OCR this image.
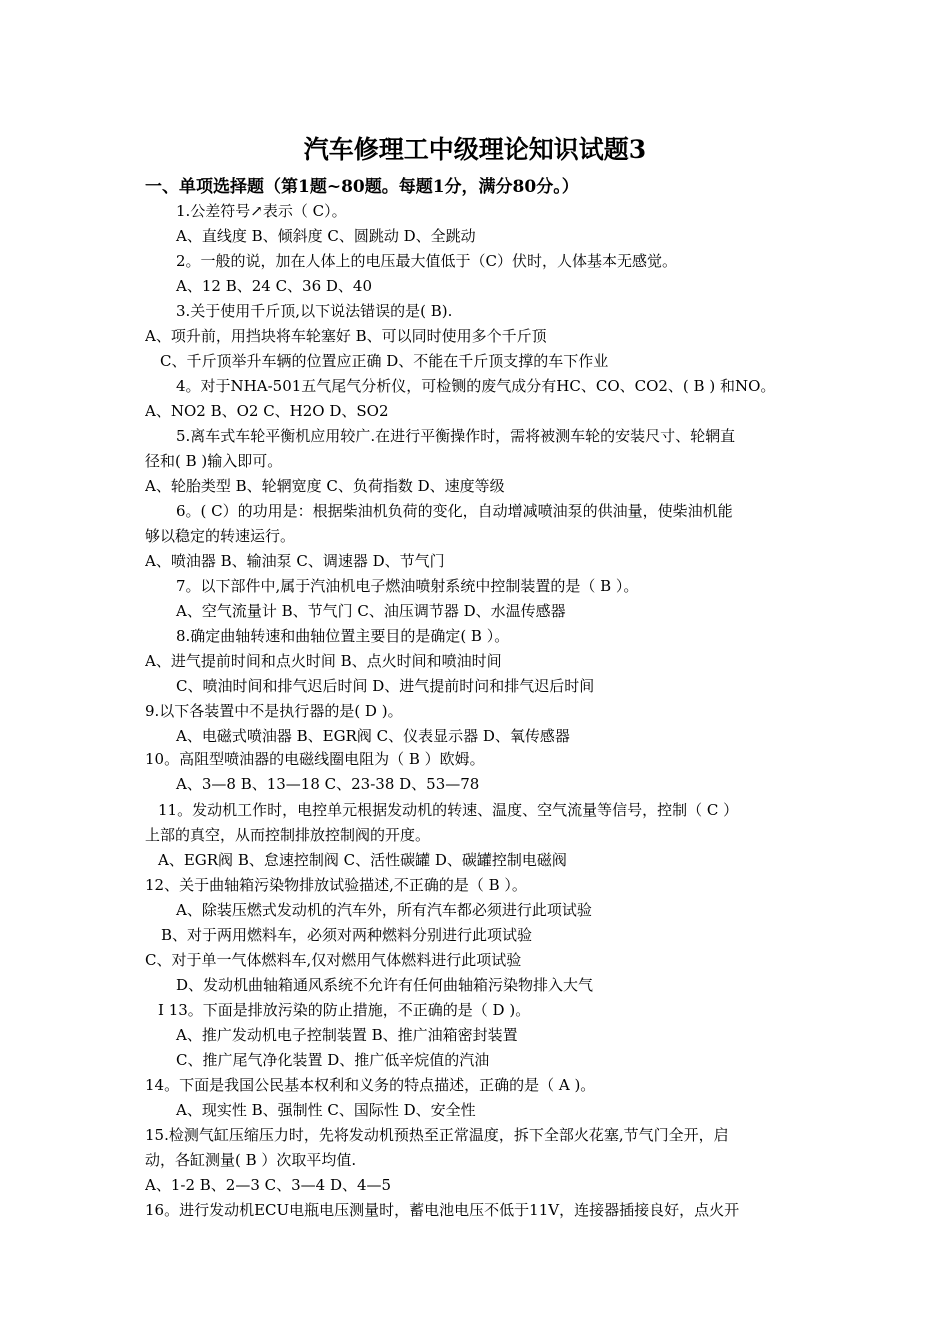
汽车修理工中级理论知识试题3
一、单项选择题（第1题~80题。每题1分，满分80分。）
1.公差符号↗表示（ C）。
A、直线度 B、倾斜度 C、圆跳动 D、全跳动
2。一般的说，加在人体上的电压最大值低于（C）伏时，人体基本无感觉。
A、12 B、24 C、36 D、40
3.关于使用千斤顶,以下说法错误的是( B).
A、项升前，用挡块将车轮塞好 B、可以同时使用多个千斤顶
C、千斤顶举升车辆的位置应正确 D、不能在千斤顶支撑的车下作业
4。对于NHA-501五气尾气分析仪，可检铡的废气成分有HC、CO、CO2、( B ) 和NO。
A、NO2 B、O2 C、H2O D、SO2
5.离车式车轮平衡机应用较广.在进行平衡操作时，需将被测车轮的安装尺寸、轮辋直
径和( B )输入即可。
A、轮胎类型 B、轮辋宽度 C、负荷指数 D、速度等级
6。( C）的功用是：根据柴油机负荷的变化，自动增减喷油泵的供油量，使柴油机能
够以稳定的转速运行。
A、喷油器 B、输油泵 C、调速器 D、节气门
7。以下部件中,属于汽油机电子燃油喷射系统中控制装置的是（ B ）。
A、空气流量计 B、节气门 C、油压调节器 D、水温传感器
8.确定曲轴转速和曲轴位置主要目的是确定( B ）。
A、进气提前时间和点火时间 B、点火时间和喷油时间
C、喷油时间和排气迟后时间 D、进气提前时问和排气迟后时间
9.以下各装置中不是执行器的是( D )。
A、电磁式喷油器 B、EGR阀 C、仪表显示器 D、氧传感器
10。高阻型喷油器的电磁线圈电阻为（ B ）欧姆。
A、3—8 B、13—18 C、23-38 D、53—78
11。发动机工作时，电控单元根据发动机的转速、温度、空气流量等信号，控制（ C ）
上部的真空，从而控制排放控制阀的开度。
A、EGR阀 B、怠速控制阀 C、活性碳罐 D、碳罐控制电磁阀
12、关于曲轴箱污染物排放试验描述,不正确的是（ B ）。
A、除装压燃式发动机的汽车外，所有汽车都必须进行此项试验
B、对于两用燃料车，必须对两种燃料分别进行此项试验
C、对于单一气体燃料车,仅对燃用气体燃料进行此项试验
D、发动机曲轴箱通风系统不允许有任何曲轴箱污染物排入大气
I 13。下面是排放污染的防止措施，不正确的是（ D )。
A、推广发动机电子控制装置 B、推广油箱密封装置
C、推广尾气净化装置 D、推广低辛烷值的汽油
14。下面是我国公民基本权利和义务的特点描述，正确的是（ A )。
A、现实性 B、强制性 C、国际性 D、安全性
15.检测气缸压缩压力时，先将发动机预热至正常温度，拆下全部火花塞,节气门全开，启
动，各缸测量( B ）次取平均值.
A、1-2 B、2—3 C、3—4 D、4—5
16。进行发动机ECU电瓶电压测量时，蓄电池电压不低于11V，连接器插接良好，点火开
